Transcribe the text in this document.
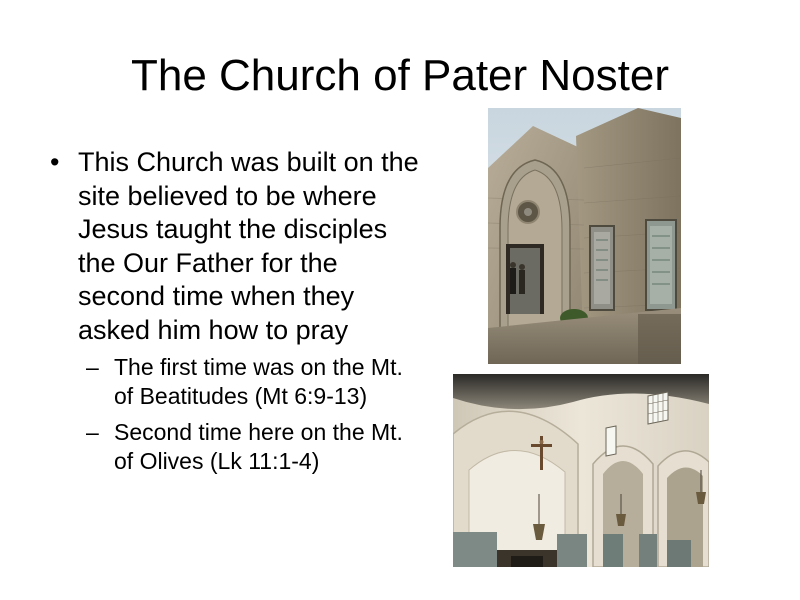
The Church of Pater Noster
• This Church was built on the site believed to be where Jesus taught the disciples the Our Father for the second time when they asked him how to pray
– The first time was on the Mt. of Beatitudes (Mt 6:9-13)
– Second time here on the Mt. of Olives (Lk 11:1-4)
